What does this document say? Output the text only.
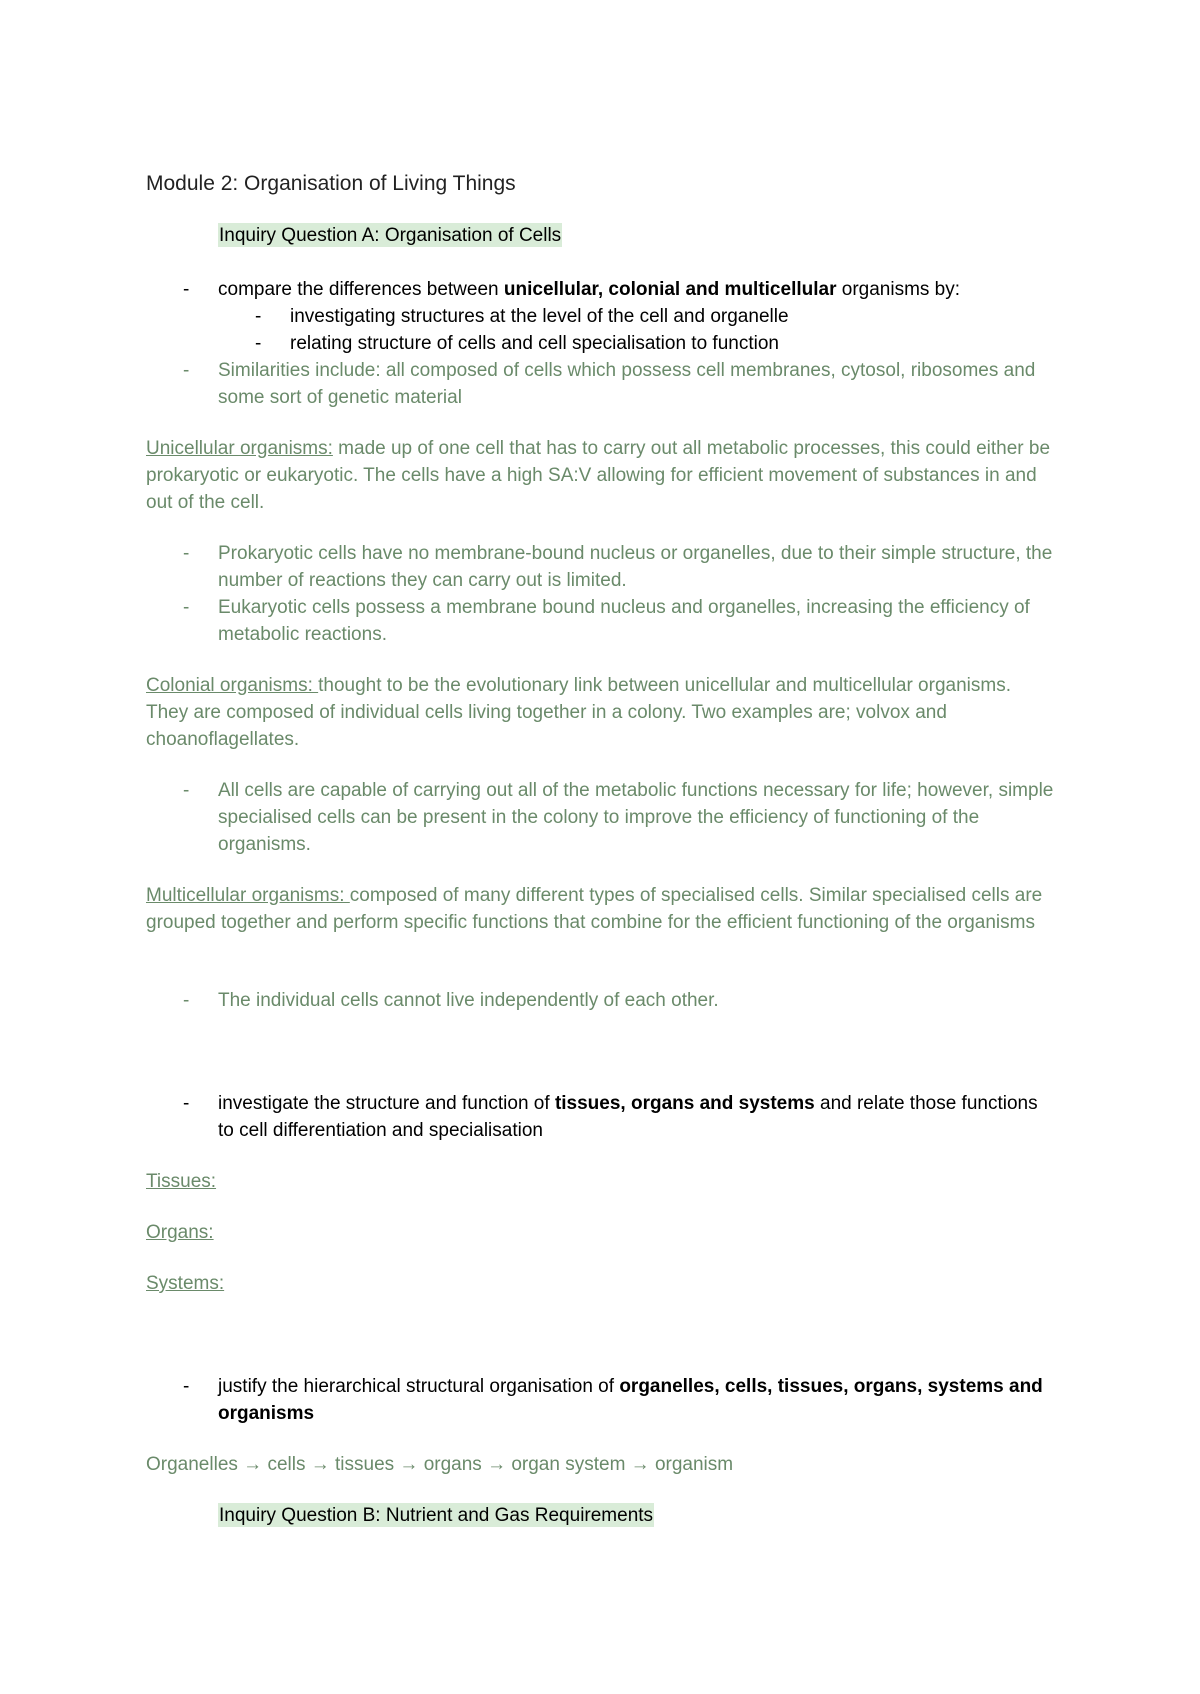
Module 2: Organisation of Living Things

Inquiry Question A: Organisation of Cells

- compare the differences between unicellular, colonial and multicellular organisms by:

- investigating structures at the level of the cell and organelle

- relating structure of cells and cell specialisation to function

- Similarities include: all composed of cells which possess cell membranes, cytosol, ribosomes and some sort of genetic material

Unicellular organisms: made up of one cell that has to carry out all metabolic processes, this could either be prokaryotic or eukaryotic. The cells have a high SA:V allowing for efficient movement of substances in and out of the cell.

- Prokaryotic cells have no membrane-bound nucleus or organelles, due to their simple structure, the number of reactions they can carry out is limited.

- Eukaryotic cells possess a membrane bound nucleus and organelles, increasing the efficiency of metabolic reactions.

Colonial organisms: thought to be the evolutionary link between unicellular and multicellular organisms. They are composed of individual cells living together in a colony. Two examples are; volvox and choanoflagellates.

- All cells are capable of carrying out all of the metabolic functions necessary for life; however, simple specialised cells can be present in the colony to improve the efficiency of functioning of the organisms.

Multicellular organisms: composed of many different types of specialised cells. Similar specialised cells are grouped together and perform specific functions that combine for the efficient functioning of the organisms

- The individual cells cannot live independently of each other.

- investigate the structure and function of tissues, organs and systems and relate those functions to cell differentiation and specialisation

Tissues:

Organs:

Systems:

- justify the hierarchical structural organisation of organelles, cells, tissues, organs, systems and organisms

Organelles → cells → tissues → organs → organ system → organism

Inquiry Question B: Nutrient and Gas Requirements
